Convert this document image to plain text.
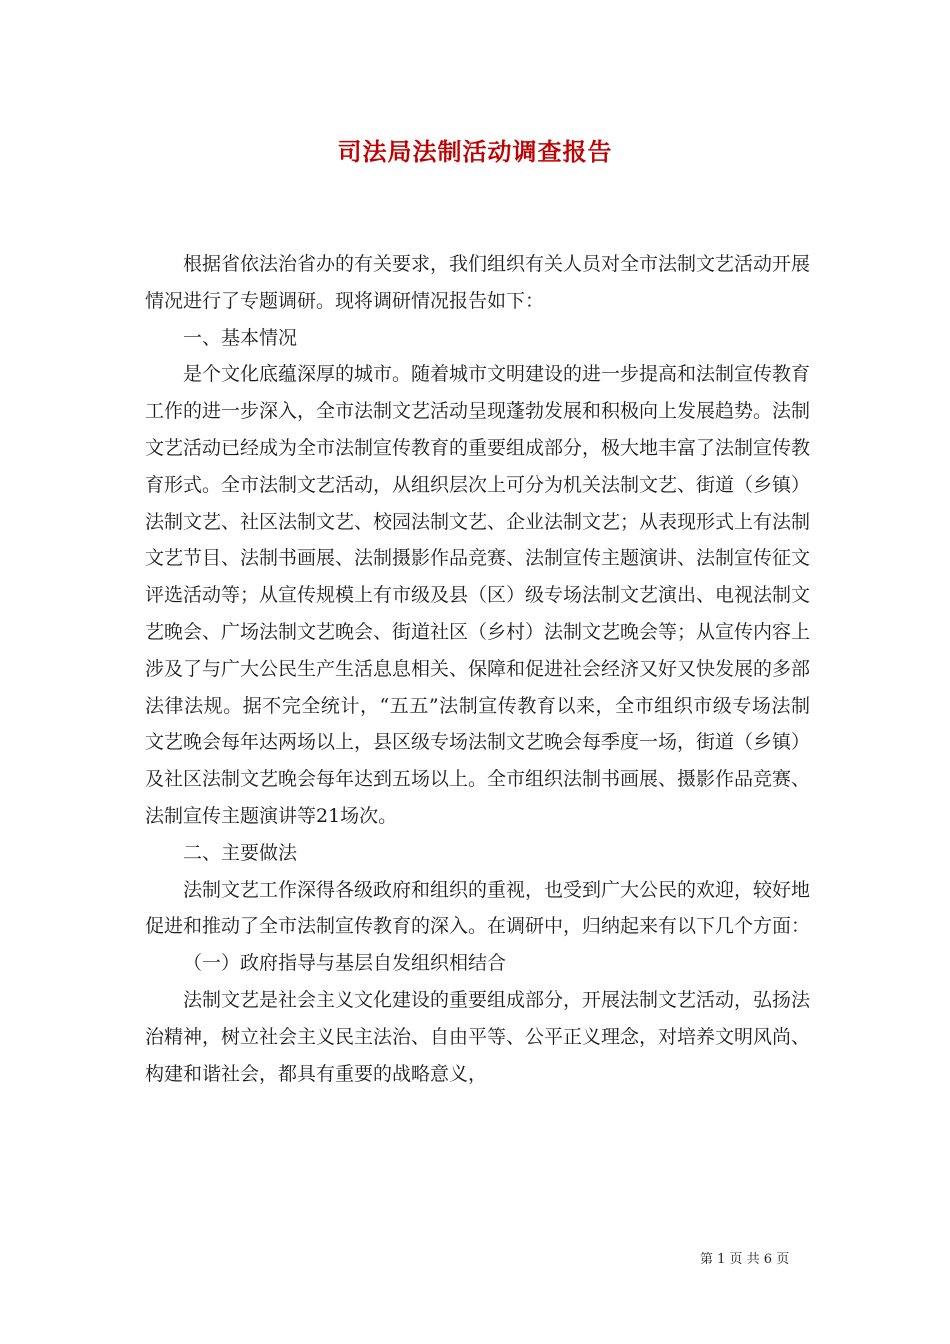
司法局法制活动调查报告

根据省依法治省办的有关要求，我们组织有关人员对全市法制文艺活动开展情况进行了专题调研。现将调研情况报告如下：

一、基本情况

是个文化底蕴深厚的城市。随着城市文明建设的进一步提高和法制宣传教育工作的进一步深入，全市法制文艺活动呈现蓬勃发展和积极向上发展趋势。法制文艺活动已经成为全市法制宣传教育的重要组成部分，极大地丰富了法制宣传教育形式。全市法制文艺活动，从组织层次上可分为机关法制文艺、街道（乡镇）法制文艺、社区法制文艺、校园法制文艺、企业法制文艺；从表现形式上有法制文艺节目、法制书画展、法制摄影作品竞赛、法制宣传主题演讲、法制宣传征文评选活动等；从宣传规模上有市级及县（区）级专场法制文艺演出、电视法制文艺晚会、广场法制文艺晚会、街道社区（乡村）法制文艺晚会等；从宣传内容上涉及了与广大公民生产生活息息相关、保障和促进社会经济又好又快发展的多部法律法规。据不完全统计，“五五”法制宣传教育以来，全市组织市级专场法制文艺晚会每年达两场以上，县区级专场法制文艺晚会每季度一场，街道（乡镇）及社区法制文艺晚会每年达到五场以上。全市组织法制书画展、摄影作品竞赛、法制宣传主题演讲等21场次。

二、主要做法

法制文艺工作深得各级政府和组织的重视，也受到广大公民的欢迎，较好地促进和推动了全市法制宣传教育的深入。在调研中，归纳起来有以下几个方面：

（一）政府指导与基层自发组织相结合

法制文艺是社会主义文化建设的重要组成部分，开展法制文艺活动，弘扬法治精神，树立社会主义民主法治、自由平等、公平正义理念，对培养文明风尚、构建和谐社会，都具有重要的战略意义，

第 1 页 共 6 页
